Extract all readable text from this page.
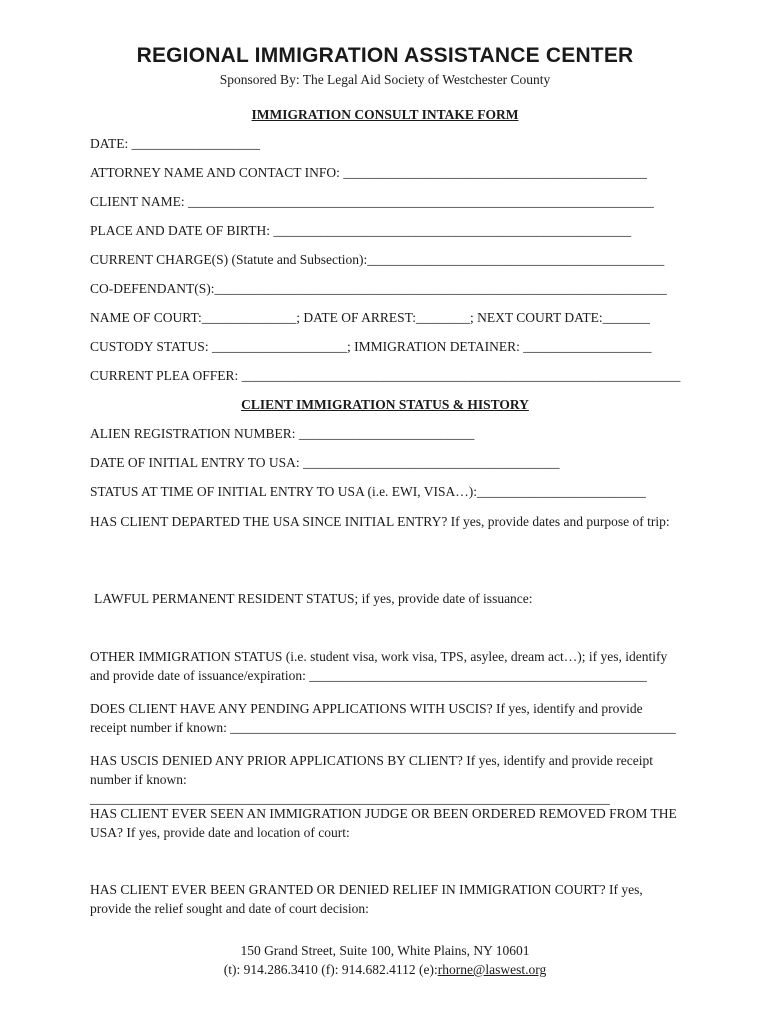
REGIONAL IMMIGRATION ASSISTANCE CENTER
Sponsored By: The Legal Aid Society of Westchester County
IMMIGRATION CONSULT INTAKE FORM
DATE: ___________________
ATTORNEY NAME AND CONTACT INFO: _____________________________________________
CLIENT NAME: _____________________________________________________________________
PLACE AND DATE OF BIRTH: _____________________________________________________
CURRENT CHARGE(S) (Statute and Subsection):____________________________________________
CO-DEFENDANT(S):___________________________________________________________________
NAME OF COURT:______________; DATE OF ARREST:________; NEXT COURT DATE:_______
CUSTODY STATUS: ____________________; IMMIGRATION DETAINER: ___________________
CURRENT PLEA OFFER: _________________________________________________________________
CLIENT IMMIGRATION STATUS & HISTORY
ALIEN REGISTRATION NUMBER: __________________________
DATE OF INITIAL ENTRY TO USA: ______________________________________
STATUS AT TIME OF INITIAL ENTRY TO USA (i.e. EWI, VISA…):_________________________
HAS CLIENT DEPARTED THE USA SINCE INITIAL ENTRY? If yes, provide dates and purpose of trip:
LAWFUL PERMANENT RESIDENT STATUS; if yes, provide date of issuance:
OTHER IMMIGRATION STATUS (i.e. student visa, work visa, TPS, asylee, dream act…); if yes, identify and provide date of issuance/expiration: __________________________________________________
DOES CLIENT HAVE ANY PENDING APPLICATIONS WITH USCIS? If yes, identify and provide receipt number if known: __________________________________________________________________
HAS USCIS DENIED ANY PRIOR APPLICATIONS BY CLIENT? If yes, identify and provide receipt number if known: _____________________________________________________________________________
HAS CLIENT EVER SEEN AN IMMIGRATION JUDGE OR BEEN ORDERED REMOVED FROM THE USA? If yes, provide date and location of court:
HAS CLIENT EVER BEEN GRANTED OR DENIED RELIEF IN IMMIGRATION COURT? If yes, provide the relief sought and date of court decision:
150 Grand Street, Suite 100, White Plains, NY 10601
(t): 914.286.3410 (f): 914.682.4112 (e):rhorne@laswest.org
